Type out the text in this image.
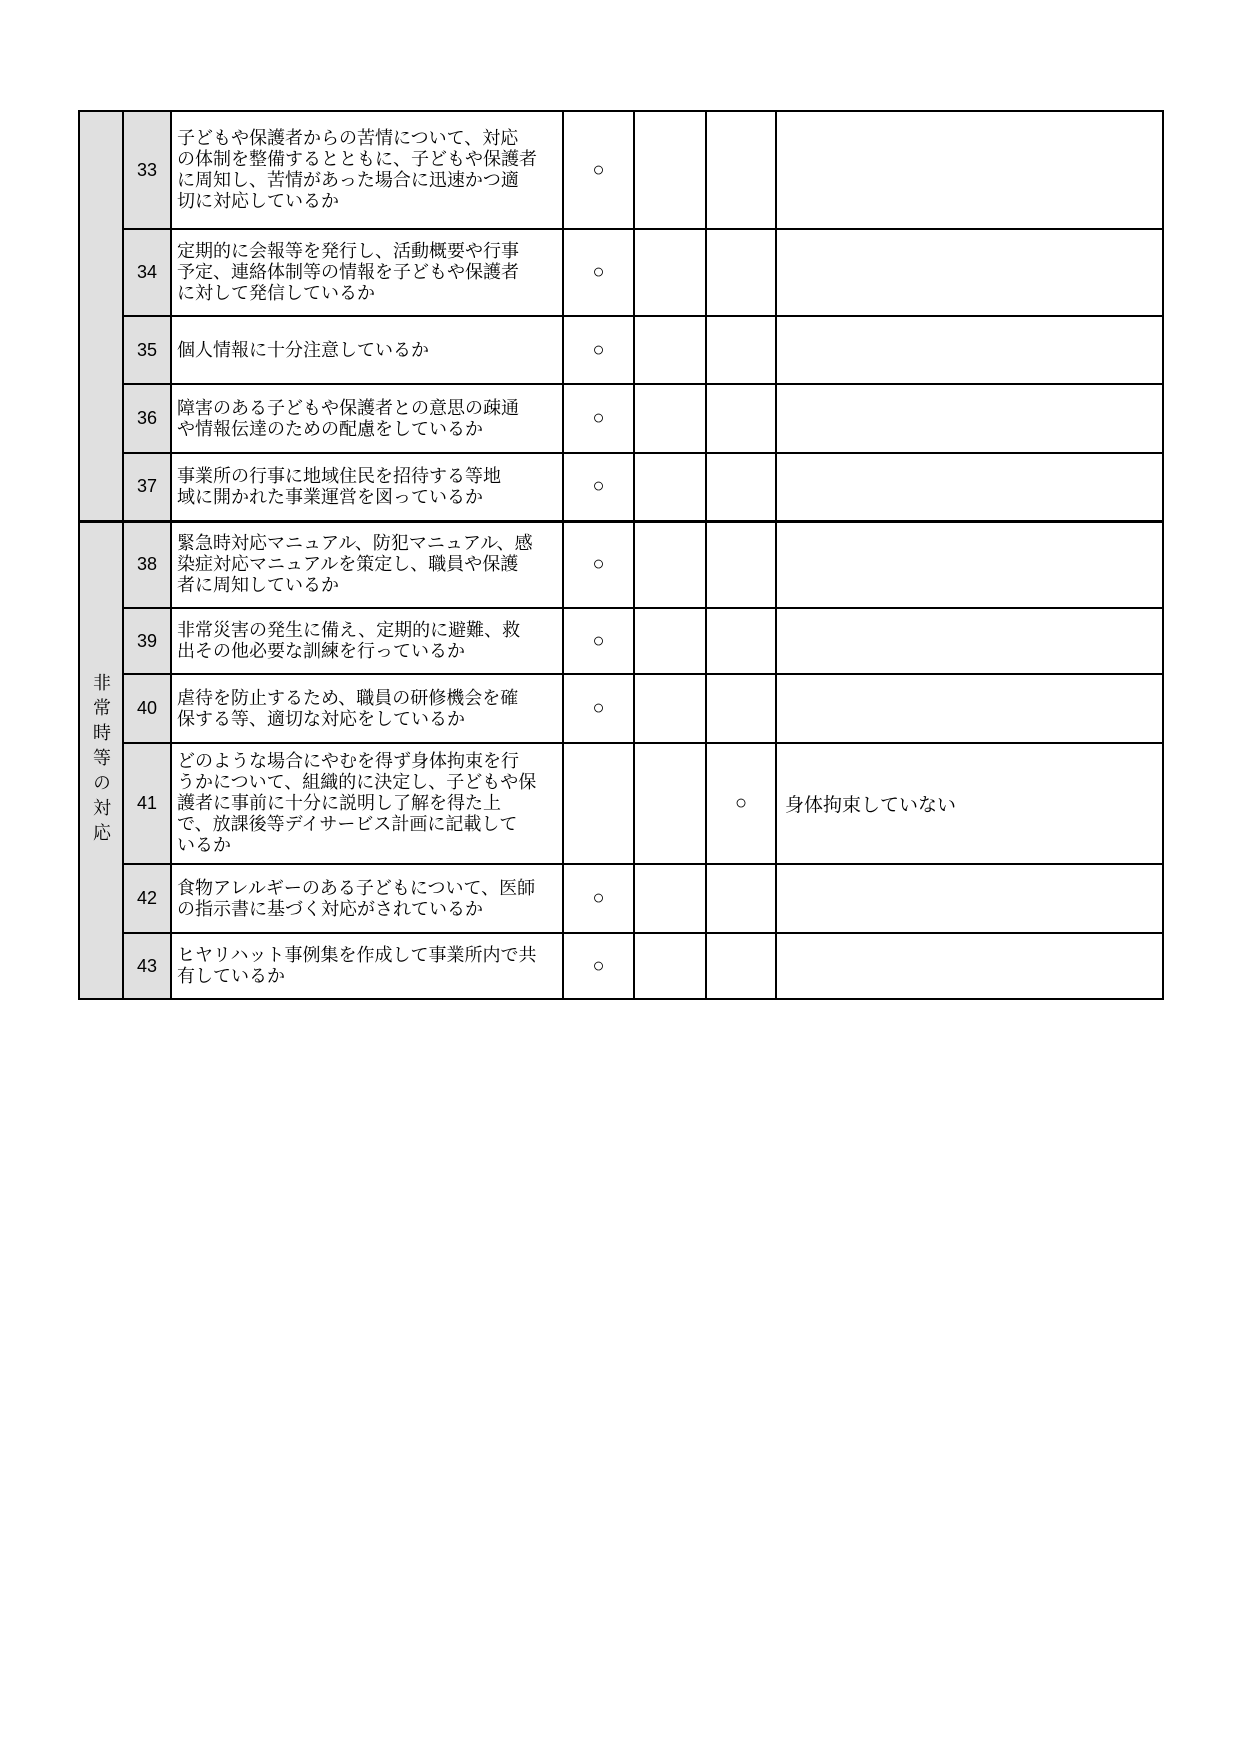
	33	子どもや保護者からの苦情について、対応
の体制を整備するとともに、子どもや保護者
に周知し、苦情があった場合に迅速かつ適
切に対応しているか	○			
	34	定期的に会報等を発行し、活動概要や行事
予定、連絡体制等の情報を子どもや保護者
に対して発信しているか	○			
	35	個人情報に十分注意しているか	○			
	36	障害のある子どもや保護者との意思の疎通
や情報伝達のための配慮をしているか	○			
	37	事業所の行事に地域住民を招待する等地
域に開かれた事業運営を図っているか	○			

非常時等の対応	38	緊急時対応マニュアル、防犯マニュアル、感
染症対応マニュアルを策定し、職員や保護
者に周知しているか	○			
	39	非常災害の発生に備え、定期的に避難、救
出その他必要な訓練を行っているか	○			
	40	虐待を防止するため、職員の研修機会を確
保する等、適切な対応をしているか	○			
	41	どのような場合にやむを得ず身体拘束を行
うかについて、組織的に決定し、子どもや保
護者に事前に十分に説明し了解を得た上
で、放課後等デイサービス計画に記載して
いるか			○	身体拘束していない
	42	食物アレルギーのある子どもについて、医師
の指示書に基づく対応がされているか	○			
	43	ヒヤリハット事例集を作成して事業所内で共
有しているか	○			
